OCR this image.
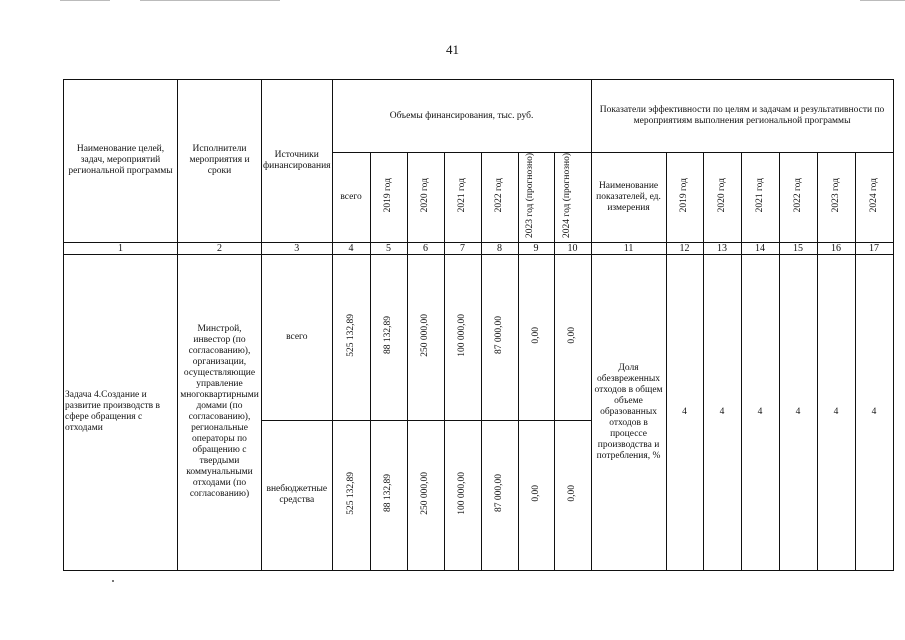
41
Наименование целей, задач, мероприятий региональной программы	Исполнители мероприятия и сроки	Источники финансирования	Объемы финансирования, тыс. руб.							Показатели эффективности по целям и задачам и результативности по мероприятиям выполнения региональной программы						
			всего	2019 год	2020 год	2021 год	2022 год	2023 год (прогнозно)	2024 год (прогнозно)	Наименование показателей, ед. измерения	2019 год	2020 год	2021 год	2022 год	2023 год	2024 год
1	2	3	4	5	6	7	8	9	10	11	12	13	14	15	16	17
Задача 4.Создание и развитие производств в сфере обращения с отходами	Минстрой, инвестор (по согласованию), организации, осуществляющие управление многоквартирными домами (по согласованию), региональные операторы по обращению с твердыми коммунальными отходами (по согласованию)	всего	525 132,89	88 132,89	250 000,00	100 000,00	87 000,00	0,00	0,00	Доля обезвреженных отходов в общем объеме образованных отходов в процессе производства и потребления, %	4	4	4	4	4	4
		внебюджетные средства	525 132,89	88 132,89	250 000,00	100 000,00	87 000,00	0,00	0,00							
